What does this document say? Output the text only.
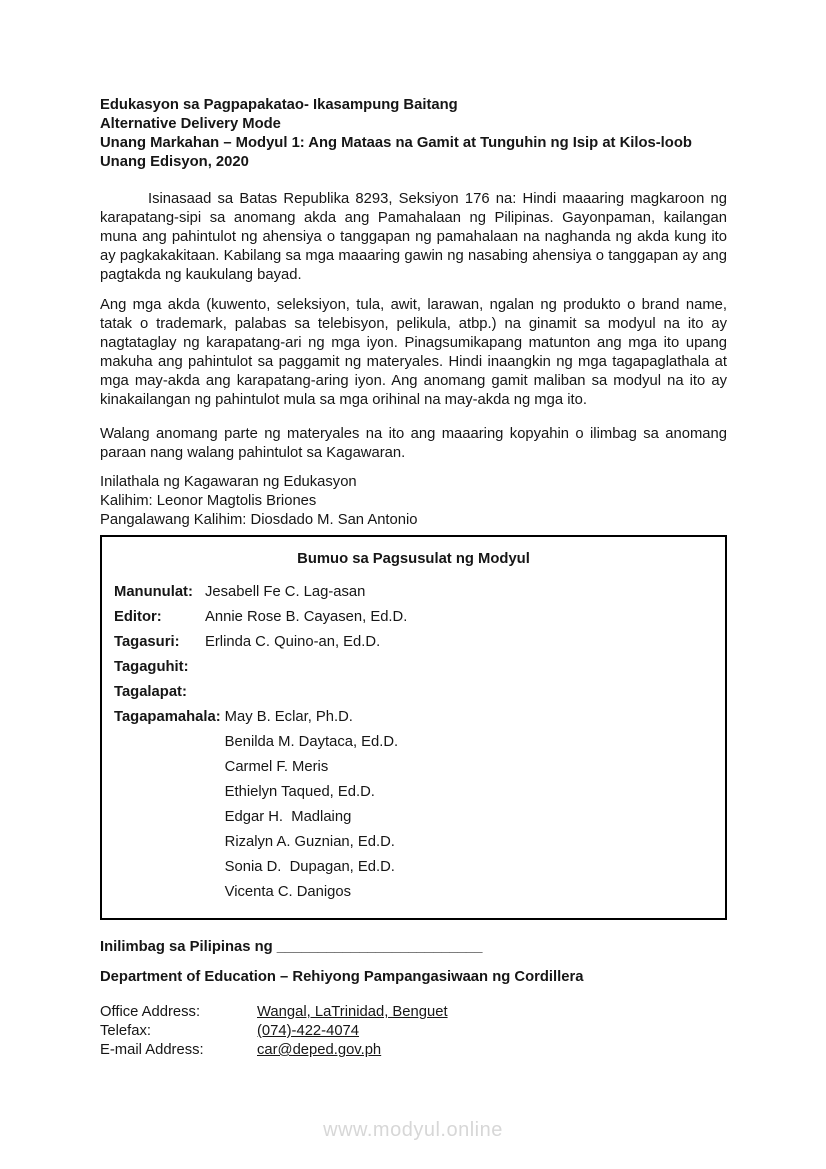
Edukasyon sa Pagpapakatao- Ikasampung Baitang
Alternative Delivery Mode
Unang Markahan – Modyul 1: Ang Mataas na Gamit at Tunguhin ng Isip at Kilos-loob
Unang Edisyon, 2020

Isinasaad sa Batas Republika 8293, Seksiyon 176 na: Hindi maaaring magkaroon ng karapatang-sipi sa anomang akda ang Pamahalaan ng Pilipinas. Gayonpaman, kailangan muna ang pahintulot ng ahensiya o tanggapan ng pamahalaan na naghanda ng akda kung ito ay pagkakakitaan. Kabilang sa mga maaaring gawin ng nasabing ahensiya o tanggapan ay ang pagtakda ng kaukulang bayad.

Ang mga akda (kuwento, seleksiyon, tula, awit, larawan, ngalan ng produkto o brand name, tatak o trademark, palabas sa telebisyon, pelikula, atbp.) na ginamit sa modyul na ito ay nagtataglay ng karapatang-ari ng mga iyon. Pinagsumikapang matunton ang mga ito upang makuha ang pahintulot sa paggamit ng materyales. Hindi inaangkin ng mga tagapaglathala at mga may-akda ang karapatang-aring iyon. Ang anomang gamit maliban sa modyul na ito ay kinakailangan ng pahintulot mula sa mga orihinal na may-akda ng mga ito.

Walang anomang parte ng materyales na ito ang maaaring kopyahin o ilimbag sa anomang paraan nang walang pahintulot sa Kagawaran.

Inilathala ng Kagawaran ng Edukasyon
Kalihim: Leonor Magtolis Briones
Pangalawang Kalihim: Diosdado M. San Antonio
Bumuo sa Pagsusulat ng Modyul
Manunulat: Jesabell Fe C. Lag-asan
Editor:	Annie Rose B. Cayasen, Ed.D.
Tagasuri:	Erlinda C. Quino-an, Ed.D.
Tagaguhit:
Tagalapat:
Tagapamahala: May B. Eclar, Ph.D.
Benilda M. Daytaca, Ed.D.
Carmel F. Meris
Ethielyn Taqued, Ed.D.
Edgar H.  Madlaing
Rizalyn A. Guznian, Ed.D.
Sonia D.  Dupagan, Ed.D.
Vicenta C. Danigos
Inilimbag sa Pilipinas ng _________________________
Department of Education – Rehiyong Pampangasiwaan ng Cordillera
Office Address:	Wangal, LaTrinidad, Benguet
Telefax:	(074)-422-4074
E-mail Address:	car@deped.gov.ph
www.modyul.online
